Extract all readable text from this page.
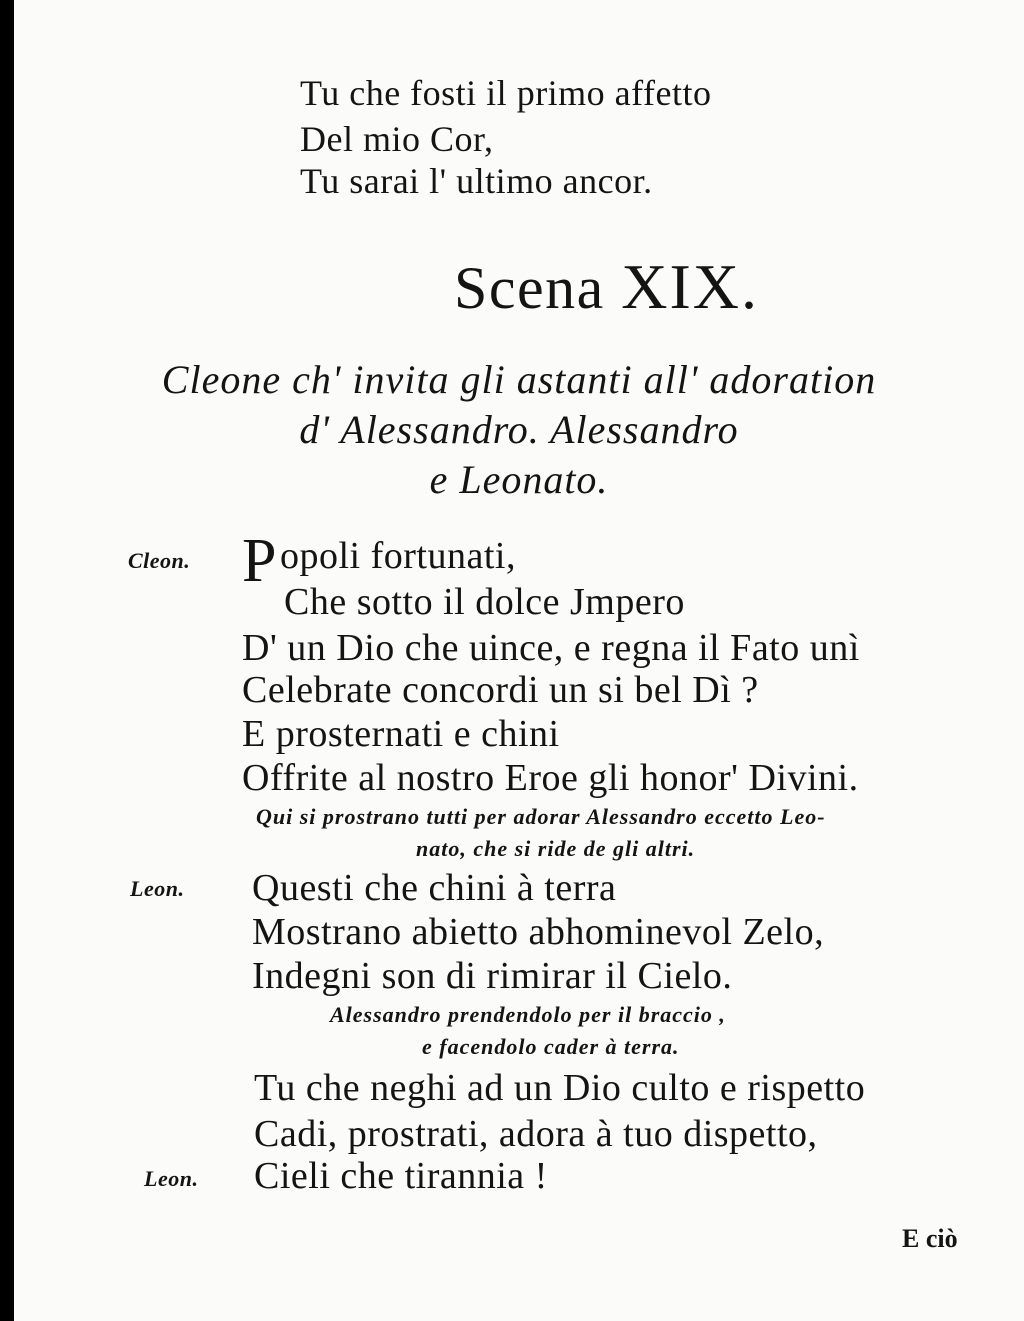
Tu che fosti il primo affetto
Del mio Cor,
Tu sarai l' ultimo ancor.
Scena XIX.
Cleone ch' invita gli astanti all' adoration
d' Alessandro. Alessandro
e Leonato.
Cleon. P opoli fortunati,
Che sotto il dolce Jmpero
D' un Dio che uince, e regna il Fato unì
Celebrate concordi un si bel Dì ?
E prosternati e chini
Offrite al nostro Eroe gli honor' Divini.
Qui si prostrano tutti per adorar Alessandro eccetto Leo-
nato, che si ride de gli altri.
Leon. Questi che chini à terra
Mostrano abietto abhominevol Zelo,
Indegni son di rimirar il Cielo.
Alessandro prendendolo per il braccio ,
e facendolo cader à terra.
Tu che neghi ad un Dio culto e rispetto
Cadi, prostrati, adora à tuo dispetto,
Leon. Cieli che tirannia !
E ciò
